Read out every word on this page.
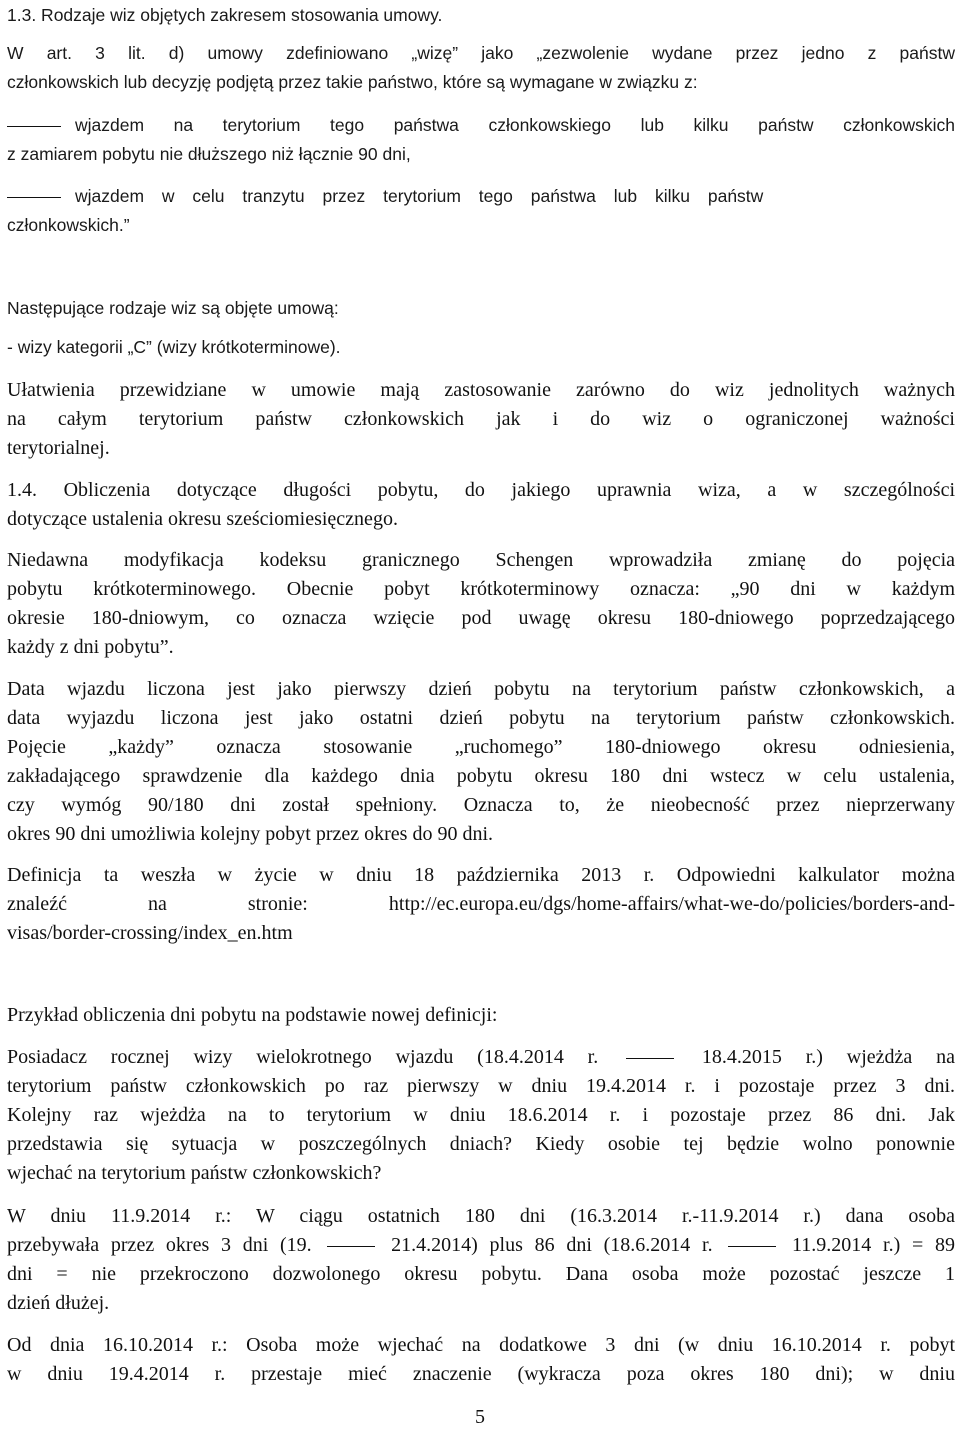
1.3. Rodzaje wiz objętych zakresem stosowania umowy.
W art. 3 lit. d) umowy zdefiniowano „wizę” jako „zezwolenie wydane przez jedno z państw
członkowskich lub decyzję podjętą przez takie państwo, które są wymagane w związku z:
wjazdem na terytorium tego państwa członkowskiego lub kilku państw członkowskich
z zamiarem pobytu nie dłuższego niż łącznie 90 dni,
wjazdem w celu tranzytu przez terytorium tego państwa lub kilku państw
członkowskich.”
Następujące rodzaje wiz są objęte umową:
- wizy kategorii „C” (wizy krótkoterminowe).
Ułatwienia przewidziane w umowie mają zastosowanie zarówno do wiz jednolitych ważnych
na całym terytorium państw członkowskich jak i do wiz o ograniczonej ważności
terytorialnej.
1.4. Obliczenia dotyczące długości pobytu, do jakiego uprawnia wiza, a w szczególności
dotyczące ustalenia okresu sześciomiesięcznego.
Niedawna modyfikacja kodeksu granicznego Schengen wprowadziła zmianę do pojęcia
pobytu krótkoterminowego. Obecnie pobyt krótkoterminowy oznacza: „90 dni w każdym
okresie 180-dniowym, co oznacza wzięcie pod uwagę okresu 180-dniowego poprzedzającego
każdy z dni pobytu”.
Data wjazdu liczona jest jako pierwszy dzień pobytu na terytorium państw członkowskich, a
data wyjazdu liczona jest jako ostatni dzień pobytu na terytorium państw członkowskich.
Pojęcie „każdy” oznacza stosowanie „ruchomego” 180-dniowego okresu odniesienia,
zakładającego sprawdzenie dla każdego dnia pobytu okresu 180 dni wstecz w celu ustalenia,
czy wymóg 90/180 dni został spełniony. Oznacza to, że nieobecność przez nieprzerwany
okres 90 dni umożliwia kolejny pobyt przez okres do 90 dni.
Definicja ta weszła w życie w dniu 18 października 2013 r. Odpowiedni kalkulator można
znaleźć na stronie: http://ec.europa.eu/dgs/home-affairs/what-we-do/policies/borders-and-
visas/border-crossing/index_en.htm
Przykład obliczenia dni pobytu na podstawie nowej definicji:
Posiadacz rocznej wizy wielokrotnego wjazdu (18.4.2014 r.	18.4.2015 r.) wjeżdża na
terytorium państw członkowskich po raz pierwszy w dniu 19.4.2014 r. i pozostaje przez 3 dni.
Kolejny raz wjeżdża na to terytorium w dniu 18.6.2014 r. i pozostaje przez 86 dni. Jak
przedstawia się sytuacja w poszczególnych dniach? Kiedy osobie tej będzie wolno ponownie
wjechać na terytorium państw członkowskich?
W dniu 11.9.2014 r.: W ciągu ostatnich 180 dni (16.3.2014 r.-11.9.2014 r.) dana osoba
przebywała przez okres 3 dni (19.	21.4.2014) plus 86 dni (18.6.2014 r.	11.9.2014 r.) = 89
dni = nie przekroczono dozwolonego okresu pobytu. Dana osoba może pozostać jeszcze 1
dzień dłużej.
Od dnia 16.10.2014 r.: Osoba może wjechać na dodatkowe 3 dni (w dniu 16.10.2014 r. pobyt
w dniu 19.4.2014 r. przestaje mieć znaczenie (wykracza poza okres 180 dni); w dniu
5
